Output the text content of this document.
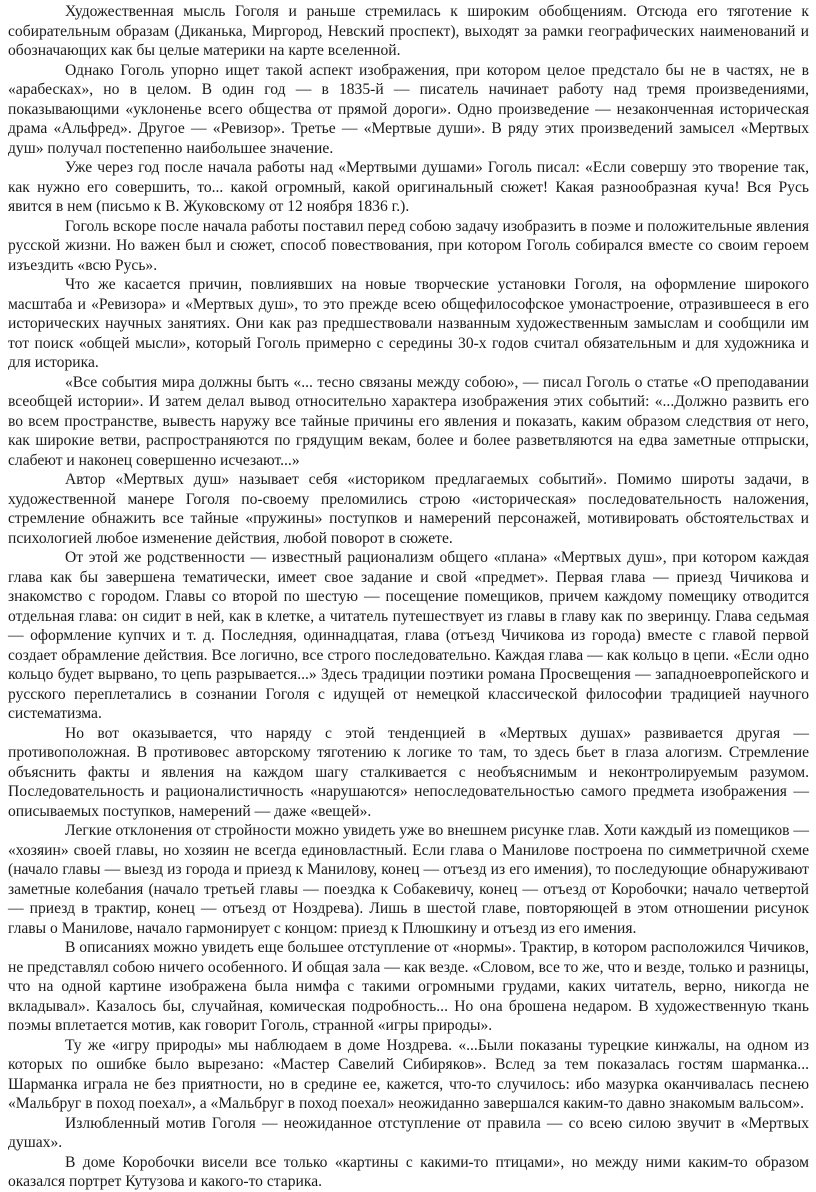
Художественная мысль Гоголя и раньше стремилась к широким обобщениям. Отсюда его тяготение к собирательным образам (Диканька, Миргород, Невский проспект), выходят за рамки географических наименований и обозначающих как бы целые материки на карте вселенной.

Однако Гоголь упорно ищет такой аспект изображения, при котором целое предстало бы не в частях, не в «арабесках», но в целом. В один год — в 1835-й — писатель начинает работу над тремя произведениями, показывающими «уклоненье всего общества от прямой дороги». Одно произведение — незаконченная историческая драма «Альфред». Другое — «Ревизор». Третье — «Мертвые души». В ряду этих произведений замысел «Мертвых душ» получал постепенно наибольшее значение.

Уже через год после начала работы над «Мертвыми душами» Гоголь писал: «Если совершу это творение так, как нужно его совершить, то... какой огромный, какой оригинальный сюжет! Какая разнообразная куча! Вся Русь явится в нем (письмо к В. Жуковскому от 12 ноября 1836 г.).

Гоголь вскоре после начала работы поставил перед собою задачу изобразить в поэме и положительные явления русской жизни. Но важен был и сюжет, способ повествования, при котором Гоголь собирался вместе со своим героем изъездить «всю Русь».

Что же касается причин, повлиявших на новые творческие установки Гоголя, на оформление широкого масштаба и «Ревизора» и «Мертвых душ», то это прежде всею общефилософское умонастроение, отразившееся в его исторических научных занятиях. Они как раз предшествовали названным художественным замыслам и сообщили им тот поиск «общей мысли», который Гоголь примерно с середины 30-х годов считал обязательным и для художника и для историка.

«Все события мира должны быть «... тесно связаны между собою», — писал Гоголь о статье «О преподавании всеобщей истории». И затем делал вывод относительно характера изображения этих событий: «...Должно развить его во всем пространстве, вывесть наружу все тайные причины его явления и показать, каким образом следствия от него, как широкие ветви, распространяются по грядущим векам, более и более разветвляются на едва заметные отпрыски, слабеют и наконец совершенно исчезают...»

Автор «Мертвых душ» называет себя «историком предлагаемых событий». Помимо широты задачи, в художественной манере Гоголя по-своему преломились строю «историческая» последовательность наложения, стремление обнажить все тайные «пружины» поступков и намерений персонажей, мотивировать обстоятельствах и психологией любое изменение действия, любой поворот в сюжете.

От этой же родственности — известный рационализм общего «плана» «Мертвых душ», при котором каждая глава как бы завершена тематически, имеет свое задание и свой «предмет». Первая глава — приезд Чичикова и знакомство с городом. Главы со второй по шестую — посещение помещиков, причем каждому помещику отводится отдельная глава: он сидит в ней, как в клетке, а читатель путешествует из главы в главу как по зверинцу. Глава седьмая — оформление купчих и т. д. Последняя, одиннадцатая, глава (отъезд Чичикова из города) вместе с главой первой создает обрамление действия. Все логично, все строго последовательно. Каждая глава — как кольцо в цепи. «Если одно кольцо будет вырвано, то цепь разрывается...» Здесь традиции поэтики романа Просвещения — западноевропейского и русского переплетались в сознании Гоголя с идущей от немецкой классической философии традицией научного систематизма.

Но вот оказывается, что наряду с этой тенденцией в «Мертвых душах» развивается другая — противоположная. В противовес авторскому тяготению к логике то там, то здесь бьет в глаза алогизм. Стремление объяснить факты и явления на каждом шагу сталкивается с необъяснимым и неконтролируемым разумом. Последовательность и рационалистичность «нарушаются» непоследовательностью самого предмета изображения — описываемых поступков, намерений — даже «вещей».

Легкие отклонения от стройности можно увидеть уже во внешнем рисунке глав. Хоти каждый из помещиков — «хозяин» своей главы, но хозяин не всегда единовластный. Если глава о Манилове построена по симметричной схеме (начало главы — выезд из города и приезд к Манилову, конец — отъезд из его имения), то последующие обнаруживают заметные колебания (начало третьей главы — поездка к Собакевичу, конец — отъезд от Коробочки; начало четвертой — приезд в трактир, конец — отъезд от Ноздрева). Лишь в шестой главе, повторяющей в этом отношении рисунок главы о Манилове, начало гармонирует с концом: приезд к Плюшкину и отъезд из его имения.

В описаниях можно увидеть еще большее отступление от «нормы». Трактир, в котором расположился Чичиков, не представлял собою ничего особенного. И общая зала — как везде. «Словом, все то же, что и везде, только и разницы, что на одной картине изображена была нимфа с такими огромными грудами, каких читатель, верно, никогда не вкладывал». Казалось бы, случайная, комическая подробность... Но она брошена недаром. В художественную ткань поэмы вплетается мотив, как говорит Гоголь, странной «игры природы».

Ту же «игру природы» мы наблюдаем в доме Ноздрева. «...Были показаны турецкие кинжалы, на одном из которых по ошибке было вырезано: «Мастер Савелий Сибиряков». Вслед за тем показалась гостям шарманка... Шарманка играла не без приятности, но в средине ее, кажется, что-то случилось: ибо мазурка оканчивалась песнею «Мальбруг в поход поехал», а «Мальбруг в поход поехал» неожиданно завершался каким-то давно знакомым вальсом».

Излюбленный мотив Гоголя — неожиданное отступление от правила — со всею силою звучит в «Мертвых душах».

В доме Коробочки висели все только «картины с какими-то птицами», но между ними каким-то образом оказался портрет Кутузова и какого-то старика.
